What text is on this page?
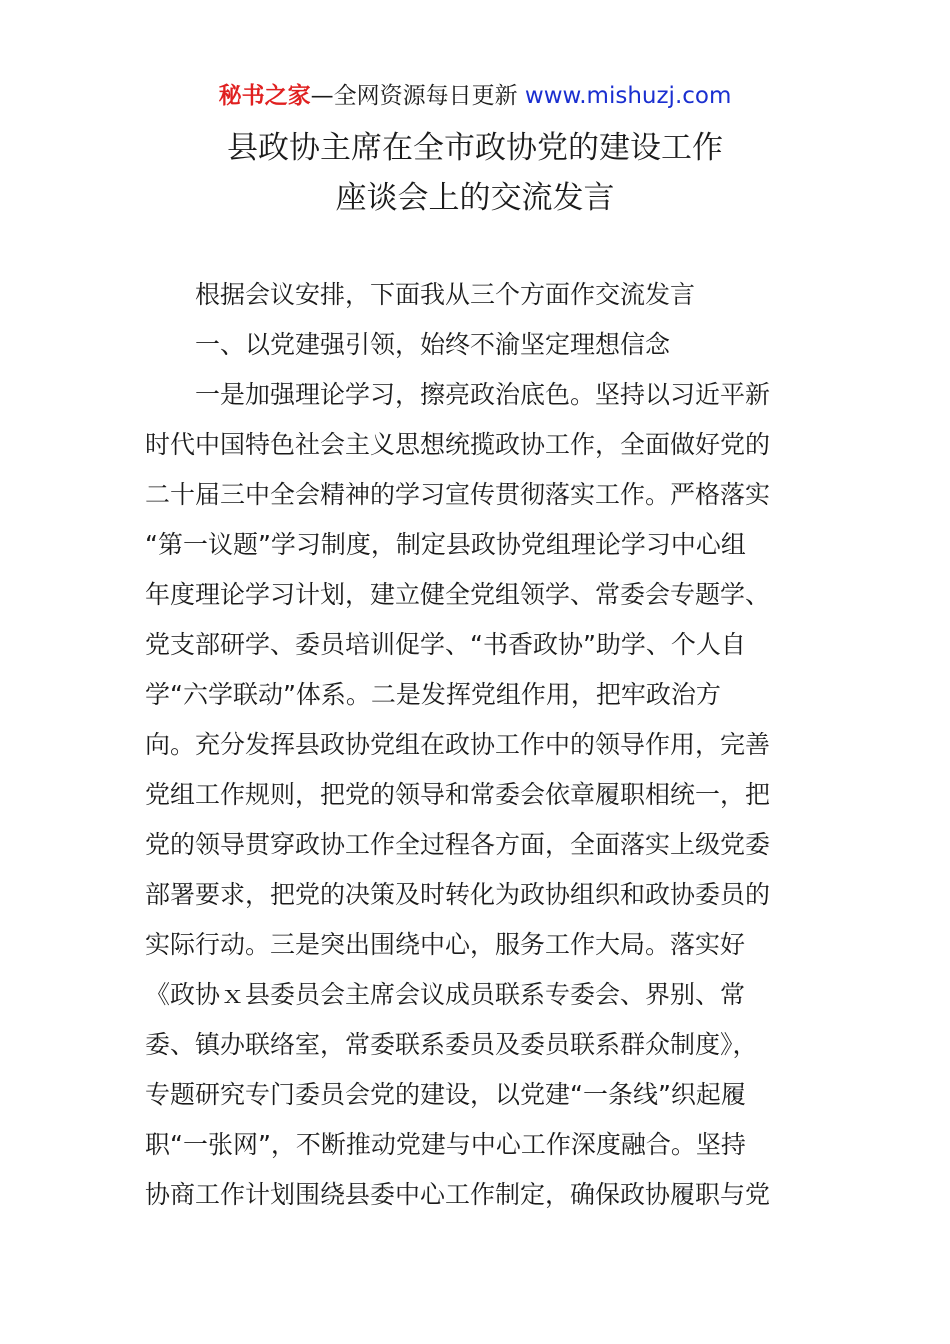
秘书之家—全网资源每日更新 www.mishuzj.com
县政协主席在全市政协党的建设工作
座谈会上的交流发言
根据会议安排，下面我从三个方面作交流发言
一、以党建强引领，始终不渝坚定理想信念
一是加强理论学习，擦亮政治底色。坚持以习近平新
时代中国特色社会主义思想统揽政协工作，全面做好党的
二十届三中全会精神的学习宣传贯彻落实工作。严格落实
“第一议题”学习制度，制定县政协党组理论学习中心组
年度理论学习计划，建立健全党组领学、常委会专题学、
党支部研学、委员培训促学、“书香政协”助学、个人自
学“六学联动”体系。二是发挥党组作用，把牢政治方
向。充分发挥县政协党组在政协工作中的领导作用，完善
党组工作规则，把党的领导和常委会依章履职相统一，把
党的领导贯穿政协工作全过程各方面，全面落实上级党委
部署要求，把党的决策及时转化为政协组织和政协委员的
实际行动。三是突出围绕中心，服务工作大局。落实好
《政协ｘ县委员会主席会议成员联系专委会、界别、常
委、镇办联络室，常委联系委员及委员联系群众制度》，
专题研究专门委员会党的建设，以党建“一条线”织起履
职“一张网”，不断推动党建与中心工作深度融合。坚持
协商工作计划围绕县委中心工作制定，确保政协履职与党
